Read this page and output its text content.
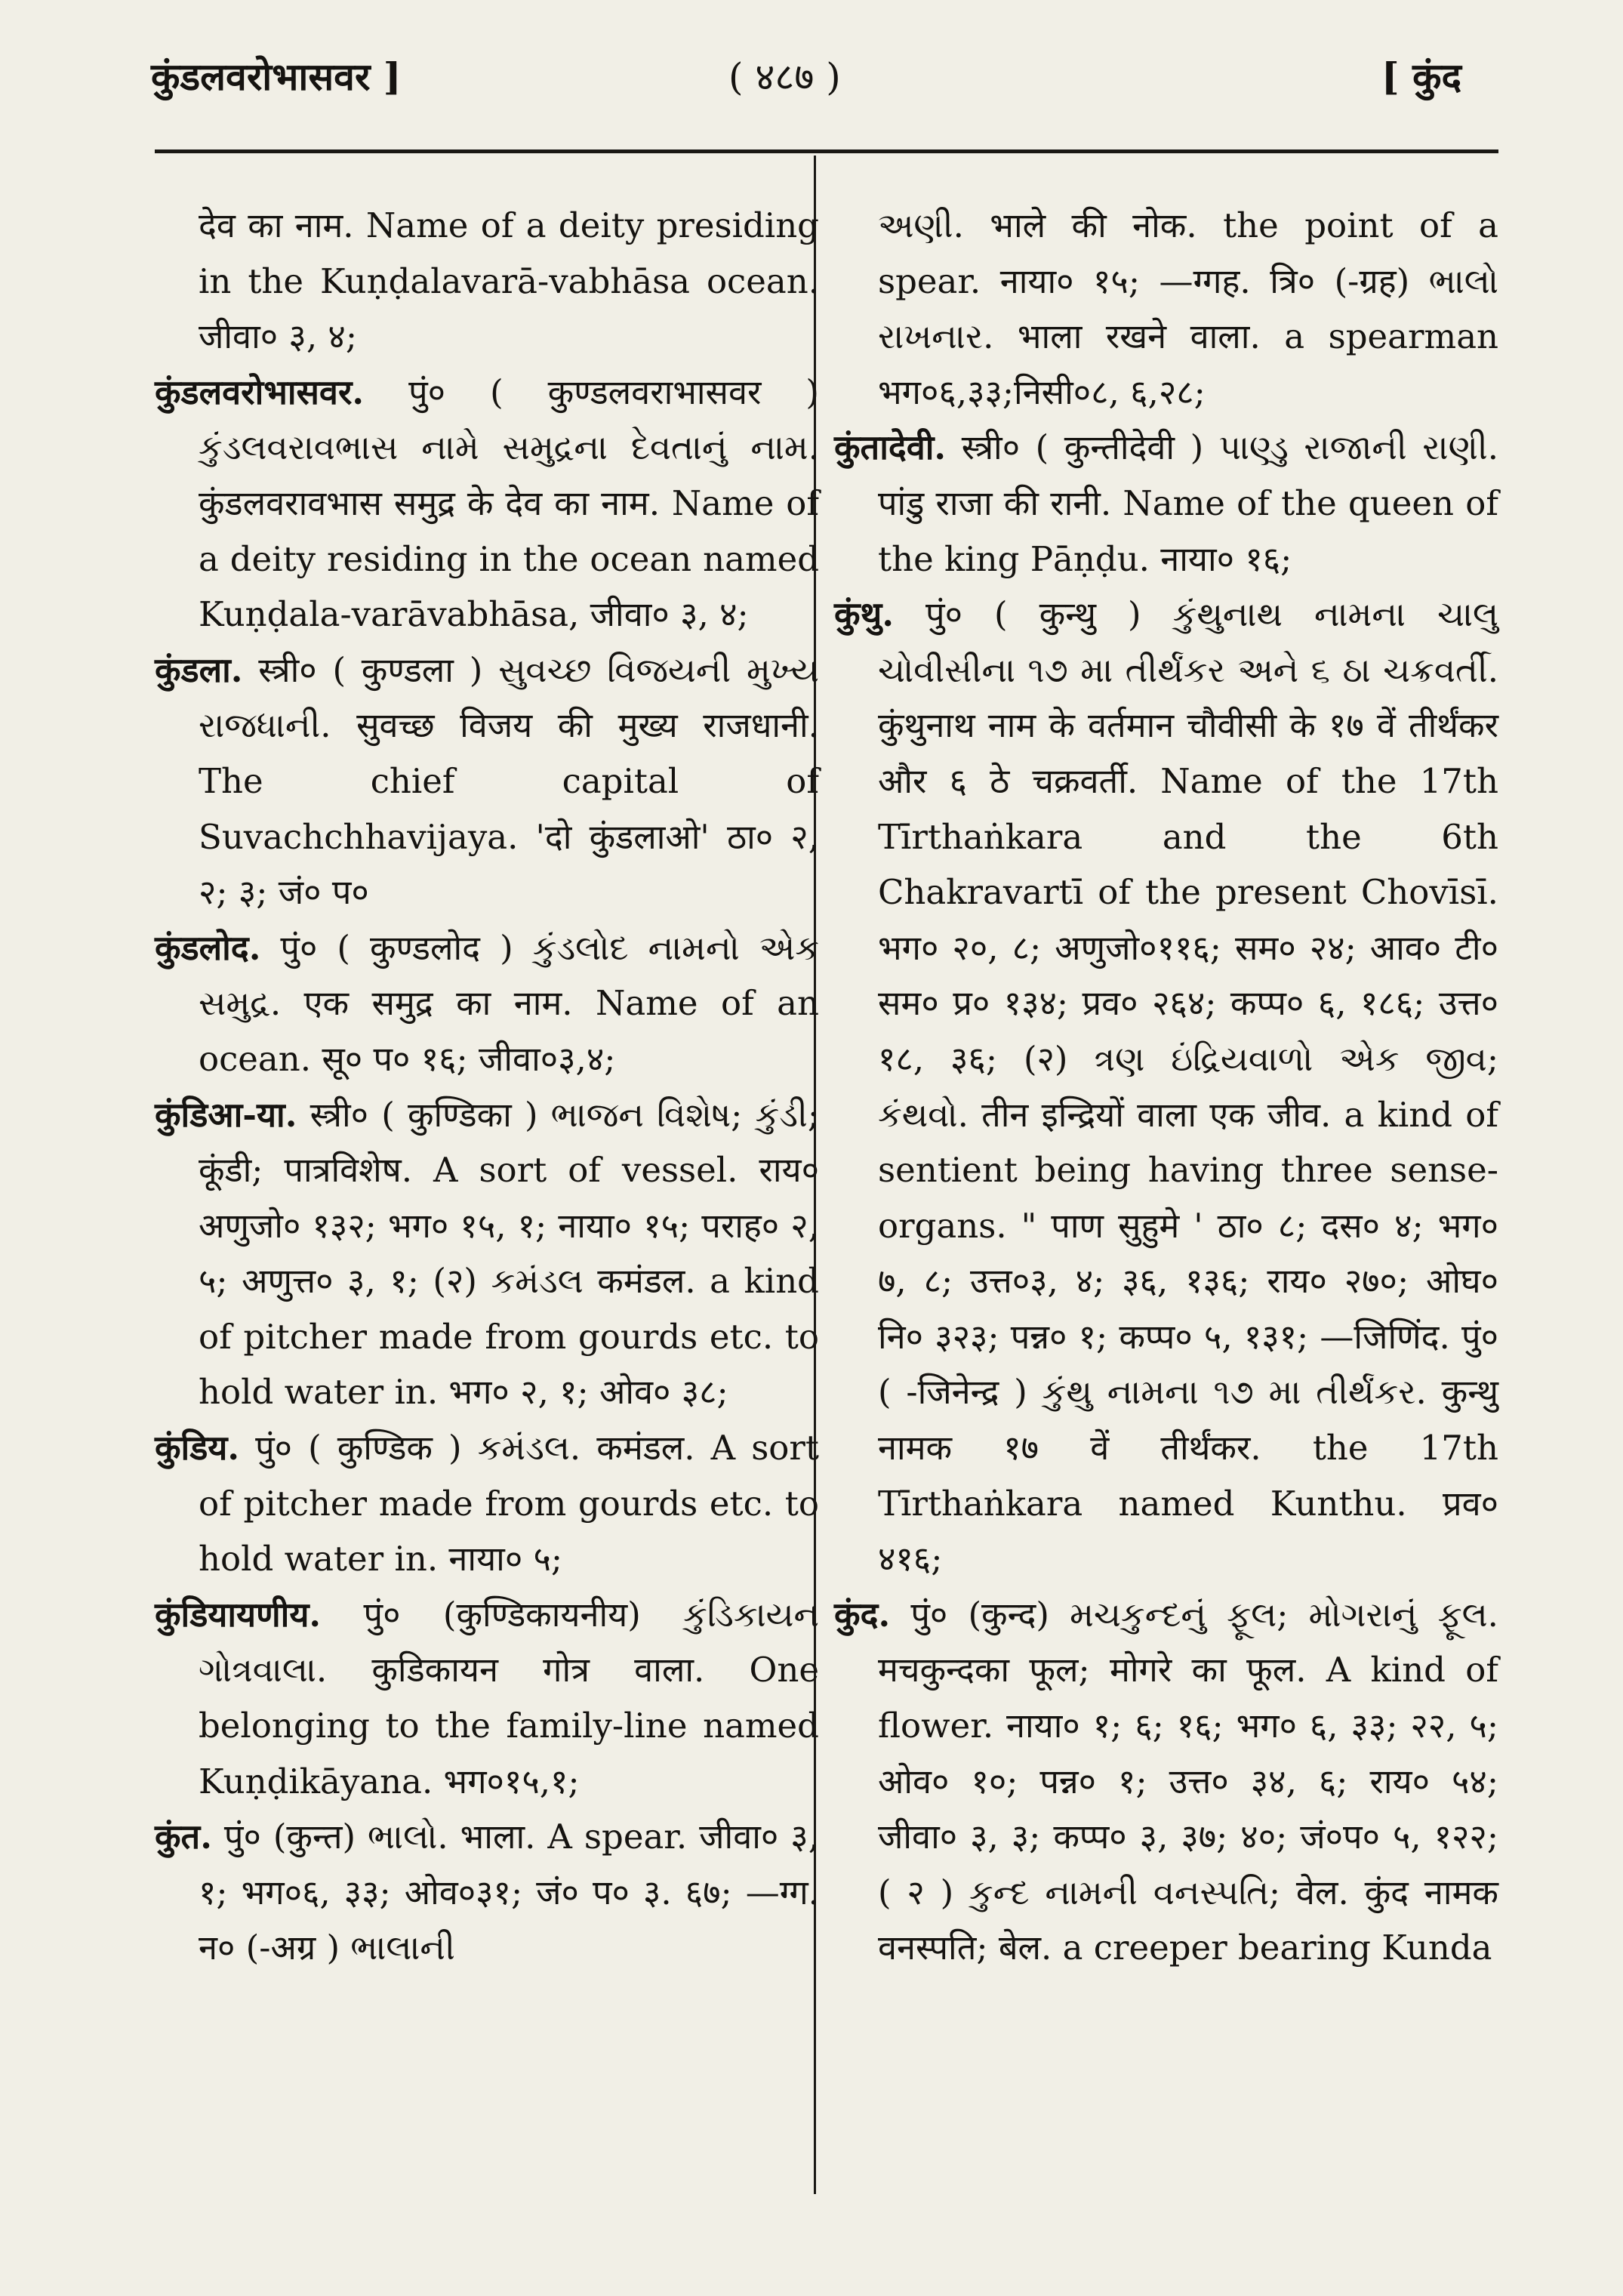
कुंडलवरोभासवर ]	( ४८७ )	[ कुंद

देव का नाम. Name of a deity presiding in the Kuṇḍalavarā-vabhāsa ocean. जीवा० ३, ४;

कुंडलवरोभासवर. पुं० ( कुण्डलवराभासवर ) કુંડલવરાવભાસ નામે સમુદ્રના દેવતાનું નામ. कुंडलवरावभास समुद्र के देव का नाम. Name of a deity residing in the ocean named Kuṇḍala-varāvabhāsa, जीवा० ३, ४;

कुंडला. स्त्री० ( कुण्डला ) સુવચ્છ વિજયની મુખ્ય રાજધાની. सुवच्छ विजय की मुख्य राजधानी. The chief capital of Suvachchhavijaya. 'दो कुंडलाओ' ठा० २, २; ३; जं० प०

कुंडलोद. पुं० ( कुण्डलोद ) કુંડલોદ નામનો એક સમુદ્ર. एक समुद्र का नाम. Name of an ocean. सू० प० १६; जीवा०३,४;

कुंडिआ-या. स्त्री० ( कुण्डिका ) ભાજન વિશેષ; કુંડી; कूंडी; पात्रविशेष. A sort of vessel. राय० अणुजो० १३२; भग० १५, १; नाया० १५; पराह० २, ५; अणुत्त० ३, १; (२) કમંડલ कमंडल. a kind of pitcher made from gourds etc. to hold water in. भग० २, १; ओव० ३८;

कुंडिय. पुं० ( कुण्डिक ) કમંડલ. कमंडल. A sort of pitcher made from gourds etc. to hold water in. नाया० ५;

कुंडियायणीय. पुं० (कुण्डिकायनीय) કુંડિકાયન ગોત્રવાલા. कुडिकायन गोत्र वाला. One belonging to the family-line named Kuṇḍikāyana. भग०१५,१;

कुंत. पुं० (कुन्त) ભાલો. भाला. A spear. जीवा० ३, १; भग०६, ३३; ओव०३१; जं० प० ३. ६७; —ग्ग. न० (-अग्र ) ભાલાની

અણી. भाले की नोक. the point of a spear. नाया० १५; —ग्गह. त्रि० (-ग्रह) ભાલો રાખનાર. भाला रखने वाला. a spearman भग०६,३३;निसी०८, ६,२८;

कुंतादेवी. स्त्री० ( कुन्तीदेवी ) પાણ્ડુ રાજાની રાણી. पांडु राजा की रानी. Name of the queen of the king Pāṇḍu. नाया० १६;

कुंथु. पुं० ( कुन्थु ) કુંથુનાથ નામના ચાલુ ચોવીસીના ૧૭ મા તીર્થંકર અને ૬ ઠા ચક્રવર્તી. कुंथुनाथ नाम के वर्तमान चौवीसी के १७ वें तीर्थंकर और ६ ठे चक्रवर्ती. Name of the 17th Tīrthaṅkara and the 6th Chakravartī of the present Chovīsī. भग० २०, ८; अणुजो०११६; सम० २४; आव० टी० सम० प्र० १३४; प्रव० २६४; कप्प० ६, १८६; उत्त० १८, ३६; (२) ત્રણ ઇંદ્રિયવાળો એક જીવ; કંથવો. तीन इन्द्रियों वाला एक जीव. a kind of sentient being having three sense-organs. " पाण सुहुमे ' ठा० ८; दस० ४; भग० ७, ८; उत्त०३, ४; ३६, १३६; राय० २७०; ओघ० नि० ३२३; पन्न० १; कप्प० ५, १३१; —जिणिंद. पुं० ( -जिनेन्द्र ) કુંથુ નામના ૧૭ મા તીર્થંકર. कुन्थु नामक १७ वें तीर्थंकर. the 17th Tīrthaṅkara named Kunthu. प्रव० ४१६;

कुंद. पुं० (कुन्द) મચકુન્દનું ફૂલ; મોગરાનું ફૂલ. मचकुन्दका फूल; मोगरे का फूल. A kind of flower. नाया० १; ६; १६; भग० ६, ३३; २२, ५; ओव० १०; पन्न० १; उत्त० ३४, ६; राय० ५४; जीवा० ३, ३; कप्प० ३, ३७; ४०; जं०प० ५, १२२; ( २ ) કુન્દ નામની વનસ્પતિ; वेल. कुंद नामक वनस्पति; बेल. a creeper bearing Kunda
